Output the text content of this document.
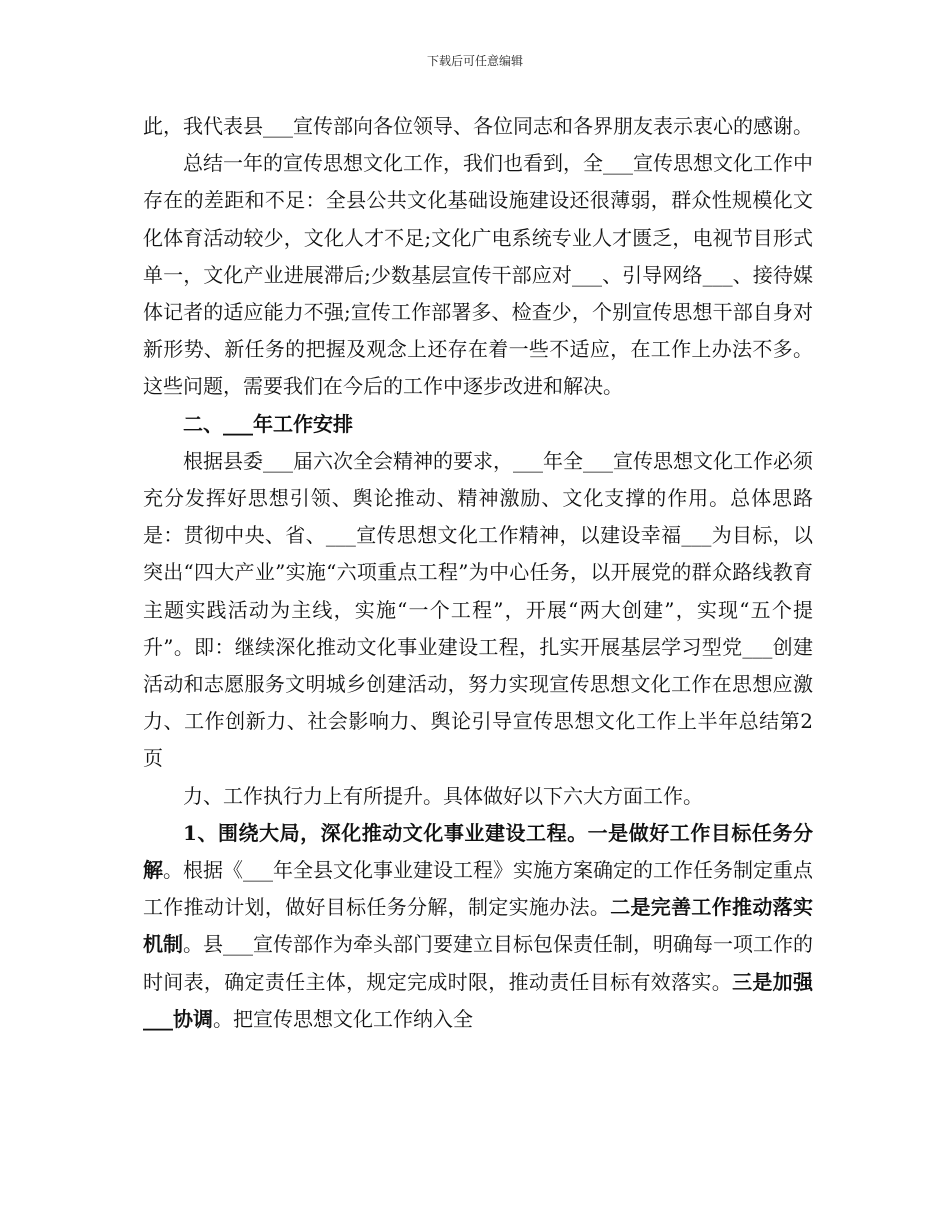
下载后可任意编辑

此，我代表县___宣传部向各位领导、各位同志和各界朋友表示衷心的感谢。

总结一年的宣传思想文化工作，我们也看到，全___宣传思想文化工作中存在的差距和不足：全县公共文化基础设施建设还很薄弱，群众性规模化文化体育活动较少，文化人才不足;文化广电系统专业人才匮乏，电视节目形式单一，文化产业进展滞后;少数基层宣传干部应对___、引导网络___、接待媒体记者的适应能力不强;宣传工作部署多、检查少，个别宣传思想干部自身对新形势、新任务的把握及观念上还存在着一些不适应，在工作上办法不多。这些问题，需要我们在今后的工作中逐步改进和解决。

二、___年工作安排

根据县委___届六次全会精神的要求，___年全___宣传思想文化工作必须充分发挥好思想引领、舆论推动、精神激励、文化支撑的作用。总体思路是：贯彻中央、省、___宣传思想文化工作精神，以建设幸福___为目标，以突出“四大产业”实施“六项重点工程”为中心任务，以开展党的群众路线教育主题实践活动为主线，实施“一个工程”，开展“两大创建”，实现“五个提升”。即：继续深化推动文化事业建设工程，扎实开展基层学习型党___创建活动和志愿服务文明城乡创建活动，努力实现宣传思想文化工作在思想应激力、工作创新力、社会影响力、舆论引导宣传思想文化工作上半年总结第2页

力、工作执行力上有所提升。具体做好以下六大方面工作。

1、围绕大局，深化推动文化事业建设工程。一是做好工作目标任务分解。根据《___年全县文化事业建设工程》实施方案确定的工作任务制定重点工作推动计划，做好目标任务分解，制定实施办法。二是完善工作推动落实机制。县___宣传部作为牵头部门要建立目标包保责任制，明确每一项工作的时间表，确定责任主体，规定完成时限，推动责任目标有效落实。三是加强___协调。把宣传思想文化工作纳入全
